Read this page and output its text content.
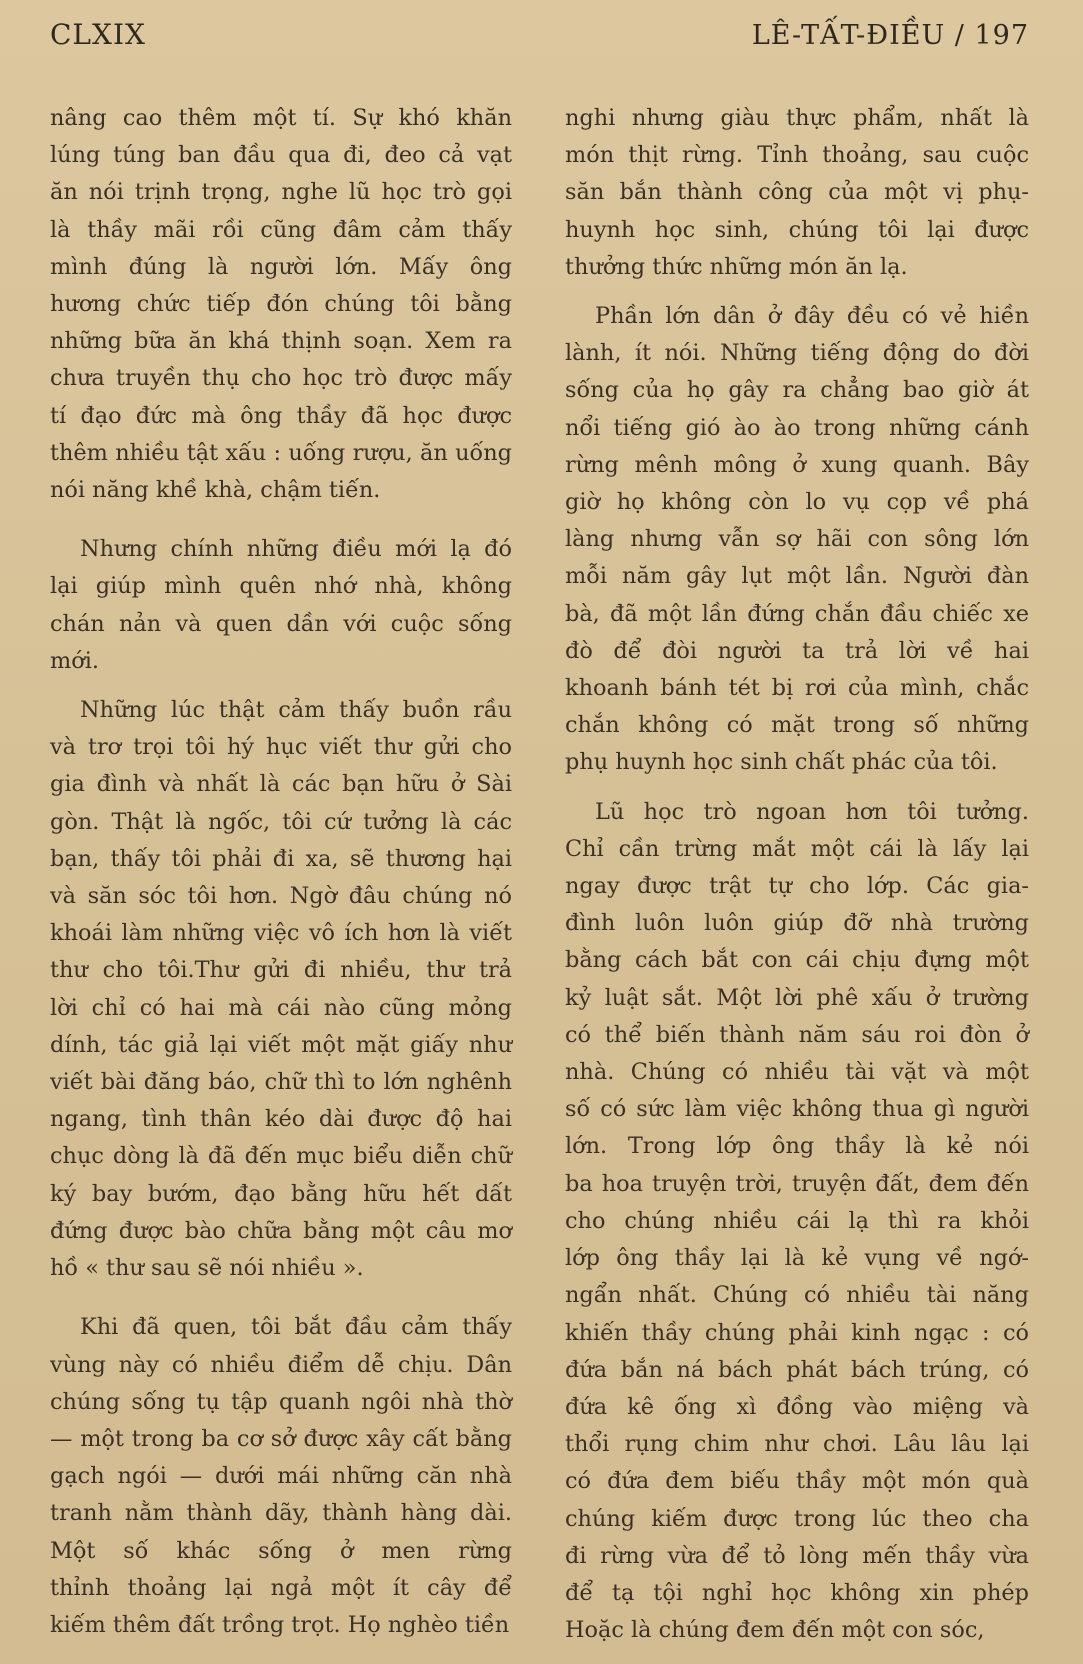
CLXIX	LÊ-TẤT-ĐIỀU / 197

nâng cao thêm một tí. Sự khó khăn

lúng túng ban đầu qua đi, đeo cả vạt

ăn nói trịnh trọng, nghe lũ học trò gọi

là thầy mãi rồi cũng đâm cảm thấy

mình đúng là người lớn. Mấy ông

hương chức tiếp đón chúng tôi bằng

những bữa ăn khá thịnh soạn. Xem ra

chưa truyền thụ cho học trò được mấy

tí đạo đức mà ông thầy đã học được

thêm nhiều tật xấu : uống rượu, ăn uống

nói năng khề khà, chậm tiến.

Nhưng chính những điều mới lạ đó

lại giúp mình quên nhớ nhà, không

chán nản và quen dần với cuộc sống

mới.

Những lúc thật cảm thấy buồn rầu

và trơ trọi tôi hý hục viết thư gửi cho

gia đình và nhất là các bạn hữu ở Sài

gòn. Thật là ngốc, tôi cứ tưởng là các

bạn, thấy tôi phải đi xa, sẽ thương hại

và săn sóc tôi hơn. Ngờ đâu chúng nó

khoái làm những việc vô ích hơn là viết

thư cho tôi.Thư gửi đi nhiều, thư trả

lời chỉ có hai mà cái nào cũng mỏng

dính, tác giả lại viết một mặt giấy như

viết bài đăng báo, chữ thì to lớn nghênh

ngang, tình thân kéo dài được độ hai

chục dòng là đã đến mục biểu diễn chữ

ký bay bướm, đạo bằng hữu hết dất

đứng được bào chữa bằng một câu mơ

hồ « thư sau sẽ nói nhiều ».

Khi đã quen, tôi bắt đầu cảm thấy

vùng này có nhiều điểm dễ chịu. Dân

chúng sống tụ tập quanh ngôi nhà thờ

— một trong ba cơ sở được xây cất bằng

gạch ngói — dưới mái những căn nhà

tranh nằm thành dãy, thành hàng dài.

Một số khác sống ở men rừng

thỉnh thoảng lại ngả một ít cây để

kiếm thêm đất trồng trọt. Họ nghèo tiền

nghi nhưng giàu thực phẩm, nhất là

món thịt rừng. Tỉnh thoảng, sau cuộc

săn bắn thành công của một vị phụ-

huynh học sinh, chúng tôi lại được

thưởng thức những món ăn lạ.

Phần lớn dân ở đây đều có vẻ hiền

lành, ít nói. Những tiếng động do đời

sống của họ gây ra chẳng bao giờ át

nổi tiếng gió ào ào trong những cánh

rừng mênh mông ở xung quanh. Bây

giờ họ không còn lo vụ cọp về phá

làng nhưng vẫn sợ hãi con sông lớn

mỗi năm gây lụt một lần. Người đàn

bà, đã một lần đứng chắn đầu chiếc xe

đò để đòi người ta trả lời về hai

khoanh bánh tét bị rơi của mình, chắc

chắn không có mặt trong số những

phụ huynh học sinh chất phác của tôi.

Lũ học trò ngoan hơn tôi tưởng.

Chỉ cần trừng mắt một cái là lấy lại

ngay được trật tự cho lớp. Các gia-

đình luôn luôn giúp đỡ nhà trường

bằng cách bắt con cái chịu đựng một

kỷ luật sắt. Một lời phê xấu ở trường

có thể biến thành năm sáu roi đòn ở

nhà. Chúng có nhiều tài vặt và một

số có sức làm việc không thua gì người

lớn. Trong lớp ông thầy là kẻ nói

ba hoa truyện trời, truyện đất, đem đến

cho chúng nhiều cái lạ thì ra khỏi

lớp ông thầy lại là kẻ vụng về ngớ-

ngẩn nhất. Chúng có nhiều tài năng

khiến thầy chúng phải kinh ngạc : có

đứa bắn ná bách phát bách trúng, có

đứa kê ống xì đồng vào miệng và

thổi rụng chim như chơi. Lâu lâu lại

có đứa đem biếu thầy một món quà

chúng kiếm được trong lúc theo cha

đi rừng vừa để tỏ lòng mến thầy vừa

để tạ tội nghỉ học không xin phép

Hoặc là chúng đem đến một con sóc,
